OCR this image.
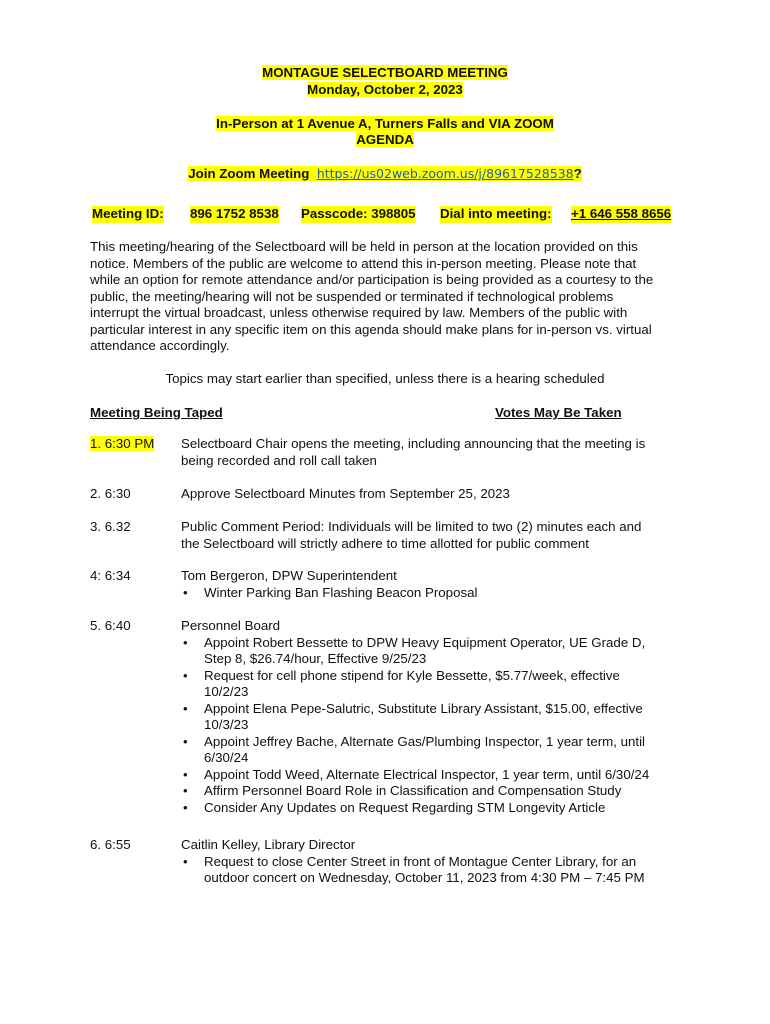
MONTAGUE SELECTBOARD MEETING
Monday, October 2, 2023
In-Person at 1 Avenue A, Turners Falls and VIA ZOOM
AGENDA
Join Zoom Meeting https://us02web.zoom.us/j/89617528538?
Meeting ID: 896 1752 8538 Passcode: 398805 Dial into meeting: +1 646 558 8656
This meeting/hearing of the Selectboard will be held in person at the location provided on this
notice. Members of the public are welcome to attend this in-person meeting. Please note that
while an option for remote attendance and/or participation is being provided as a courtesy to the
public, the meeting/hearing will not be suspended or terminated if technological problems
interrupt the virtual broadcast, unless otherwise required by law. Members of the public with
particular interest in any specific item on this agenda should make plans for in-person vs. virtual
attendance accordingly.
Topics may start earlier than specified, unless there is a hearing scheduled
Meeting Being Taped	Votes May Be Taken
1. 6:30 PM Selectboard Chair opens the meeting, including announcing that the meeting is
being recorded and roll call taken
2. 6:30	Approve Selectboard Minutes from September 25, 2023
3. 6.32	Public Comment Period: Individuals will be limited to two (2) minutes each and
the Selectboard will strictly adhere to time allotted for public comment
4: 6:34	Tom Bergeron, DPW Superintendent
• Winter Parking Ban Flashing Beacon Proposal
5. 6:40	Personnel Board
• Appoint Robert Bessette to DPW Heavy Equipment Operator, UE Grade D,
Step 8, $26.74/hour, Effective 9/25/23
• Request for cell phone stipend for Kyle Bessette, $5.77/week, effective
10/2/23
• Appoint Elena Pepe-Salutric, Substitute Library Assistant, $15.00, effective
10/3/23
• Appoint Jeffrey Bache, Alternate Gas/Plumbing Inspector, 1 year term, until
6/30/24
• Appoint Todd Weed, Alternate Electrical Inspector, 1 year term, until 6/30/24
• Affirm Personnel Board Role in Classification and Compensation Study
• Consider Any Updates on Request Regarding STM Longevity Article
6. 6:55	Caitlin Kelley, Library Director
• Request to close Center Street in front of Montague Center Library, for an
outdoor concert on Wednesday, October 11, 2023 from 4:30 PM – 7:45 PM
